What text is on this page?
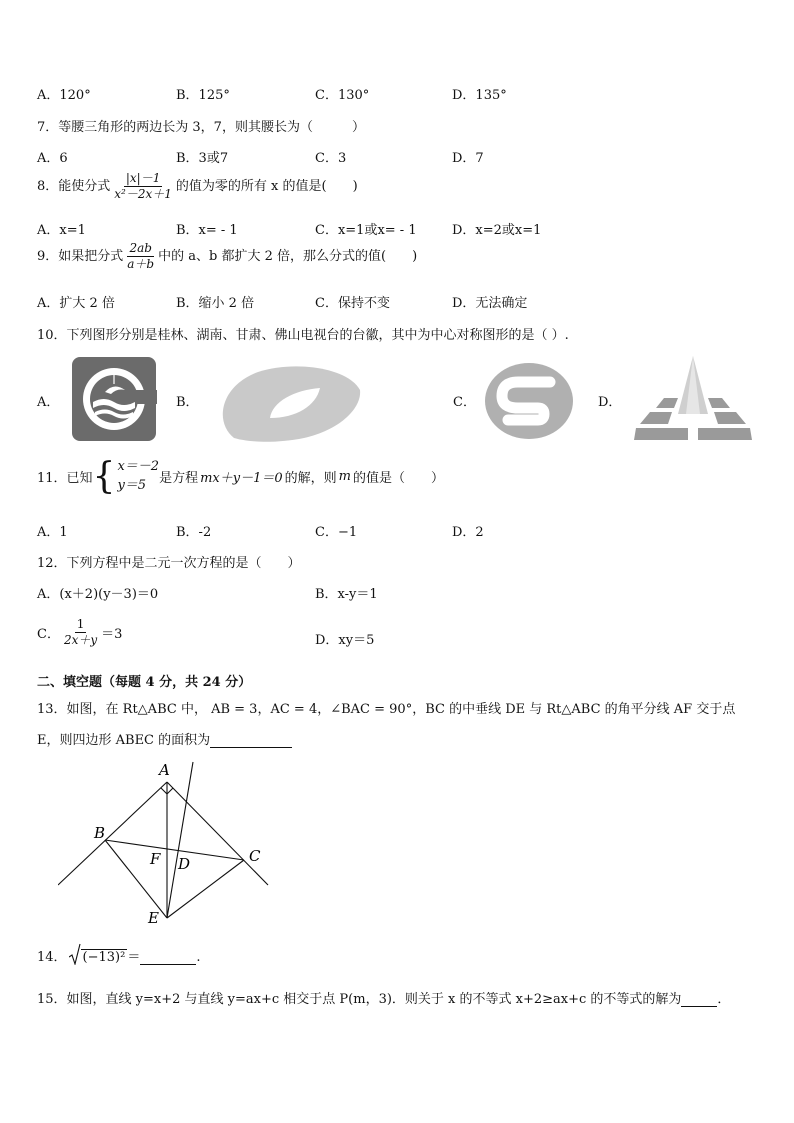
A．120°	B．125°	C．130°	D．135°
7．等腰三角形的两边长为 3，7，则其腰长为（　　　）
A．6	B．3或7	C．3	D．7
8．能使分式 $\frac{|x|-1}{\text{x²－2x＋1}}$ 的值为零的所有 x 的值是(　　)
A．x=1	B．x= - 1	C．x=1或x= - 1	D．x=2或x=1
9．如果把分式 $\frac{2ab}{a+b}$ 中的 a、b 都扩大 2 倍，那么分式的值(　　)
A．扩大 2 倍	B．缩小 2 倍	C．保持不变	D．无法确定
10．下列图形分别是桂林、湖南、甘肃、佛山电视台的台徽，其中为中心对称图形的是（ ）.
A．	B．	C．	D．
11．已知 { x＝－2
y＝5 是方程 mx＋y－1＝0 的解，则 m 的值是（　　）
A．1	B．-2	C．−1	D．2
12．下列方程中是二元一次方程的是（　　）
A．(x＋2)(y－3)＝0	B．x-y＝1
C． $\frac{1}{2x+y} =3$	D．xy＝5
二、填空题（每题 4 分，共 24 分）
13．如图，在 Rt△ABC 中， AB = 3，AC = 4，∠BAC = 90°，BC 的中垂线 DE 与 Rt△ABC 的角平分线 AF 交于点
E，则四边形 ABEC 的面积为
A
B
C
D
E
F
14．	(−13)² ＝	.
15．如图，直线 y=x+2 与直线 y=ax+c 相交于点 P(m，3)．则关于 x 的不等式 x+2≥ax+c 的不等式的解为	．
